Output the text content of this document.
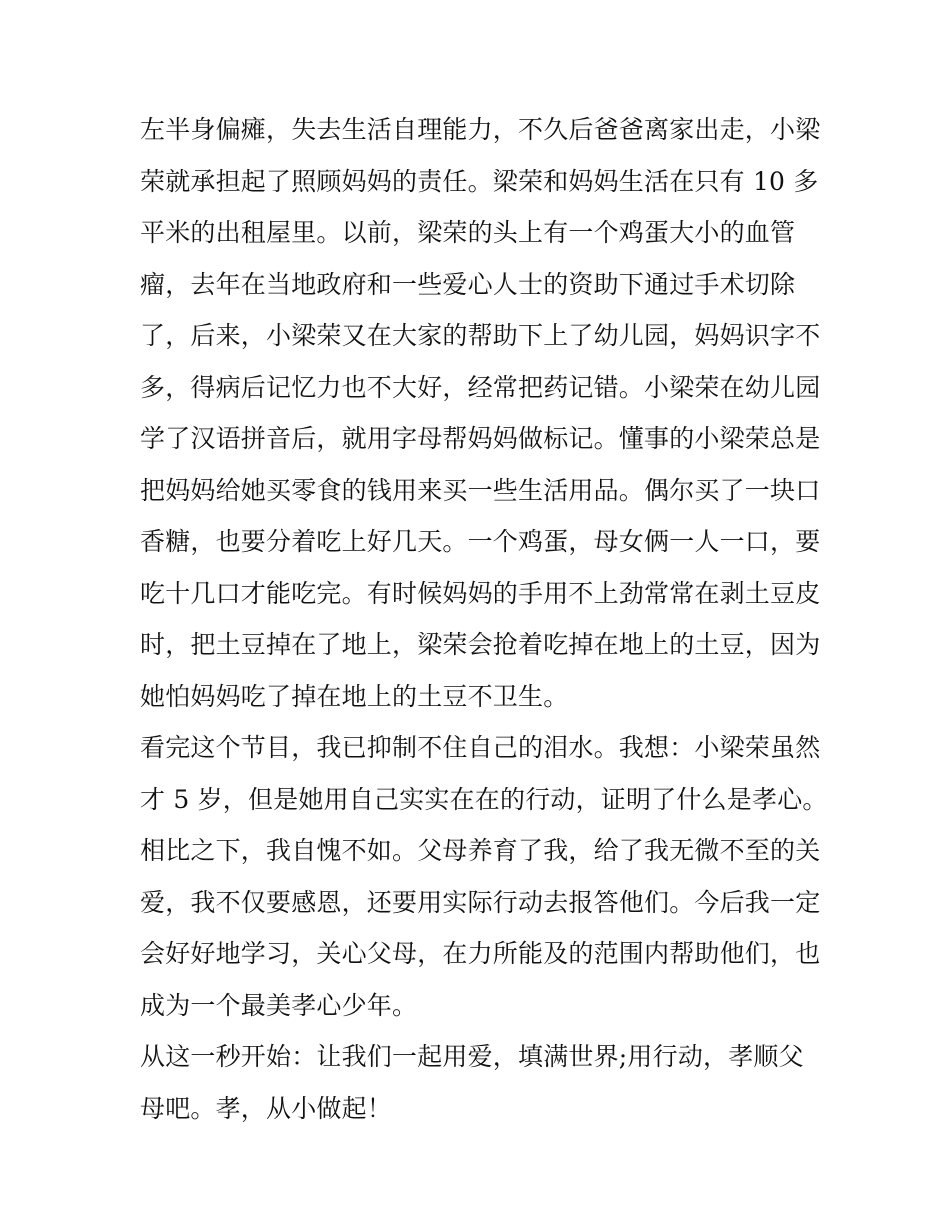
左半身偏瘫，失去生活自理能力，不久后爸爸离家出走，小梁
荣就承担起了照顾妈妈的责任。梁荣和妈妈生活在只有 10 多
平米的出租屋里。以前，梁荣的头上有一个鸡蛋大小的血管
瘤，去年在当地政府和一些爱心人士的资助下通过手术切除
了，后来，小梁荣又在大家的帮助下上了幼儿园，妈妈识字不
多，得病后记忆力也不大好，经常把药记错。小梁荣在幼儿园
学了汉语拼音后，就用字母帮妈妈做标记。懂事的小梁荣总是
把妈妈给她买零食的钱用来买一些生活用品。偶尔买了一块口
香糖，也要分着吃上好几天。一个鸡蛋，母女俩一人一口，要
吃十几口才能吃完。有时候妈妈的手用不上劲常常在剥土豆皮
时，把土豆掉在了地上，梁荣会抢着吃掉在地上的土豆，因为
她怕妈妈吃了掉在地上的土豆不卫生。
看完这个节目，我已抑制不住自己的泪水。我想：小梁荣虽然
才 5 岁，但是她用自己实实在在的行动，证明了什么是孝心。
相比之下，我自愧不如。父母养育了我，给了我无微不至的关
爱，我不仅要感恩，还要用实际行动去报答他们。今后我一定
会好好地学习，关心父母，在力所能及的范围内帮助他们，也
成为一个最美孝心少年。
从这一秒开始：让我们一起用爱，填满世界;用行动，孝顺父
母吧。孝，从小做起！
